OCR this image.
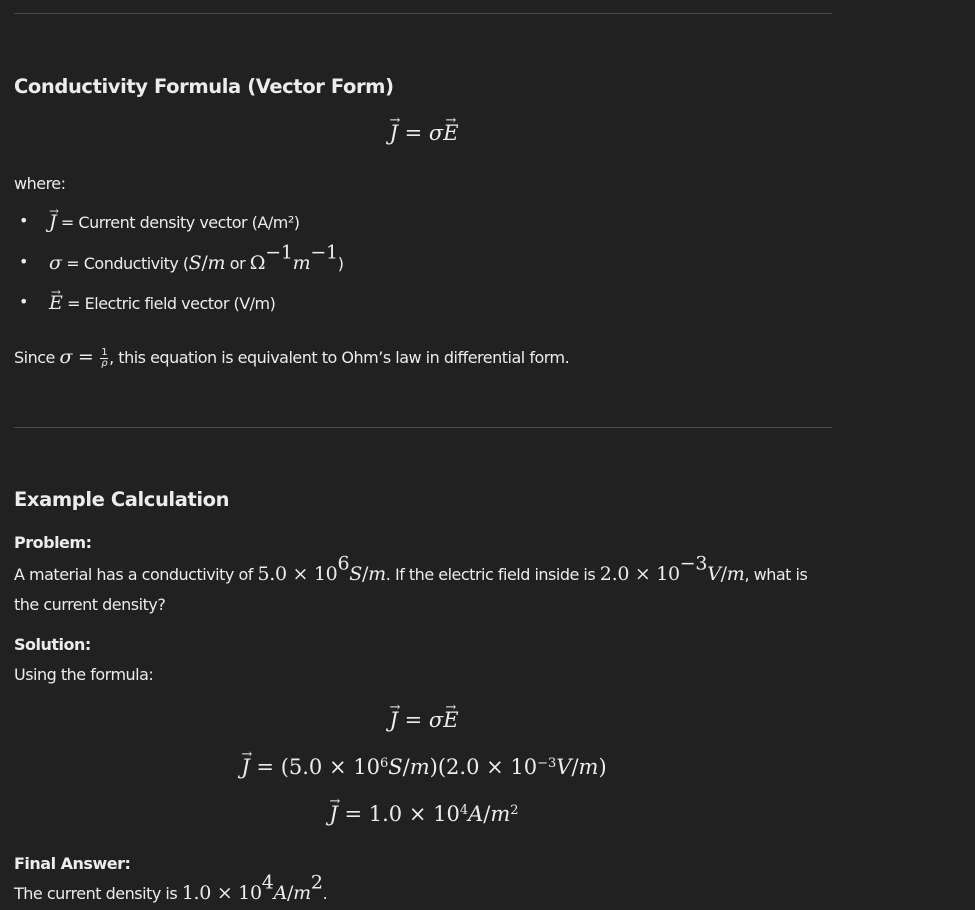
Conductivity Formula (Vector Form)
→ J = σ→ E
where:
• → J = Current density vector (A/m²)
• σ = Conductivity (S/m or $\Omega^{-1}m^{-1}$)
• → E = Electric field vector (V/m)
Since $\sigma = \frac{1}{\rho}$ , this equation is equivalent to Ohm’s law in differential form.
Example Calculation
Problem:
A material has a conductivity of $5.0 \times 10^6S/m$. If the electric field inside is $2.0 \times 10^{-3}V/m$, what is
the current density?
Solution:
Using the formula:
→ J = σ→ E
→ $J = (5.0 \times 10^6S/m)(2.0 \times 10^{-3}V/m)$
→ $J = 1.0 \times 10^4A/m^2$
Final Answer:
The current density is $1.0 \times 10^4A/m^2$.
